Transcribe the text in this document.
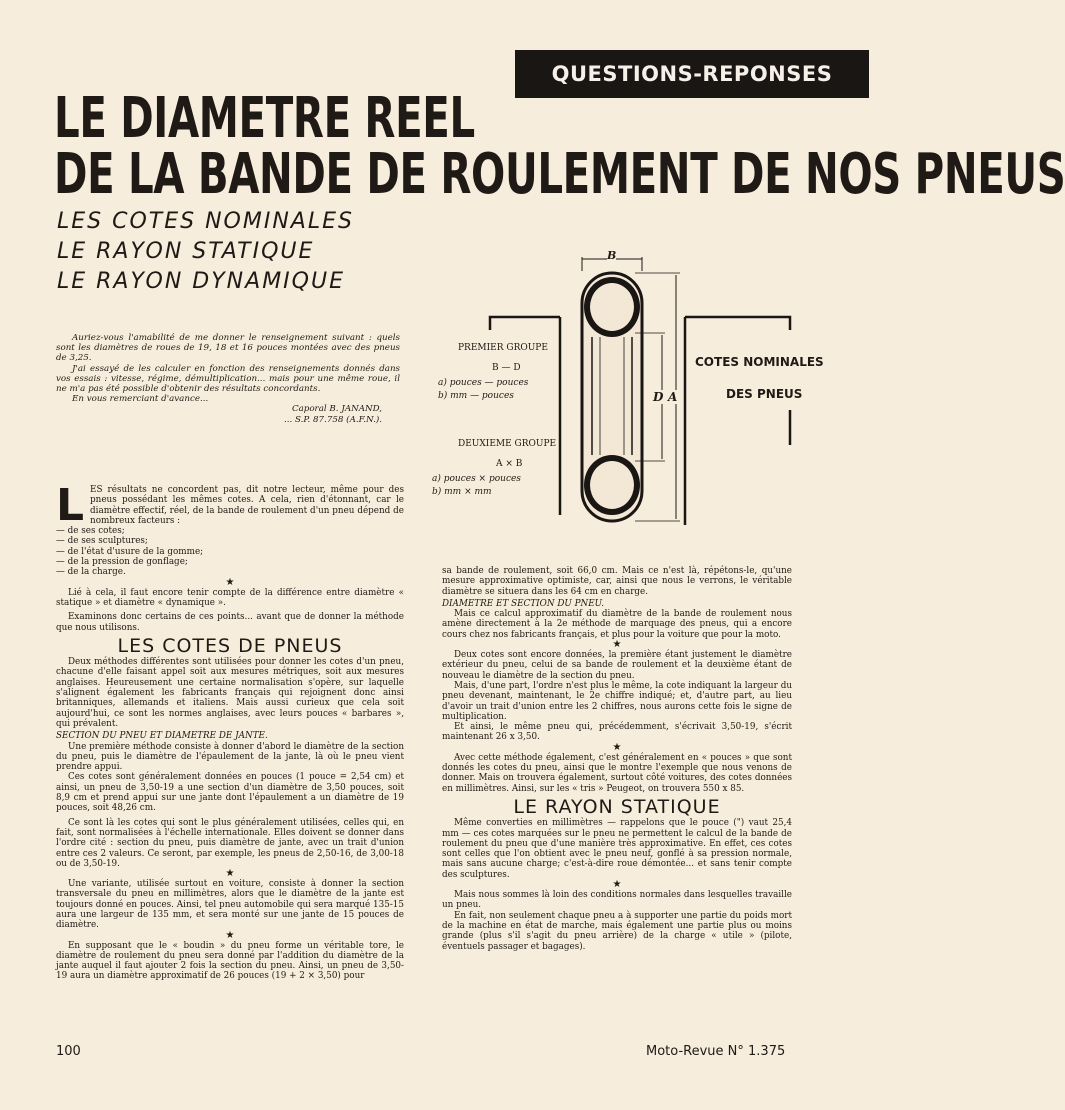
QUESTIONS-REPONSES
LE DIAMETRE REEL
DE LA BANDE DE ROULEMENT DE NOS PNEUS
LES COTES NOMINALES
LE RAYON STATIQUE
LE RAYON DYNAMIQUE

Auriez-vous l'amabilité de me donner le renseignement suivant : quels sont les diamètres de roues de 19, 18 et 16 pouces montées avec des pneus de 3,25.

J'ai essayé de les calculer en fonction des renseignements donnés dans vos essais : vitesse, régime, démultiplication... mais pour une même roue, il ne m'a pas été possible d'obtenir des résultats concordants.

En vous remerciant d'avance...

Caporal B. JANAND,

... S.P. 87.758 (A.F.N.).

B
D A
PREMIER GROUPE
B — D
a) pouces — pouces
b) mm — pouces
DEUXIEME GROUPE
A × B
a) pouces × pouces
b) mm × mm
COTES NOMINALES
DES PNEUS
L ES résultats ne concordent pas, dit notre lecteur, même pour des pneus possédant les mêmes cotes. A cela, rien d'étonnant, car le diamètre effectif, réel, de la bande de roulement d'un pneu dépend de nombreux facteurs :

— de ses cotes;
— de ses sculptures;
— de l'état d'usure de la gomme;
— de la pression de gonflage;
— de la charge.

★

Lié à cela, il faut encore tenir compte de la différence entre diamètre « statique » et diamètre « dynamique ».

Examinons donc certains de ces points... avant que de donner la méthode que nous utilisons.

LES COTES DE PNEUS

Deux méthodes différentes sont utilisées pour donner les cotes d'un pneu, chacune d'elle faisant appel soit aux mesures métriques, soit aux mesures anglaises. Heureusement une certaine normalisation s'opère, sur laquelle s'alignent également les fabricants français qui rejoignent donc ainsi britanniques, allemands et italiens. Mais aussi curieux que cela soit aujourd'hui, ce sont les normes anglaises, avec leurs pouces « barbares », qui prévalent.

SECTION DU PNEU ET DIAMETRE DE JANTE.

Une première méthode consiste à donner d'abord le diamètre de la section du pneu, puis le diamètre de l'épaulement de la jante, là où le pneu vient prendre appui.

Ces cotes sont généralement données en pouces (1 pouce = 2,54 cm) et ainsi, un pneu de 3,50-19 a une section d'un diamètre de 3,50 pouces, soit 8,9 cm et prend appui sur une jante dont l'épaulement a un diamètre de 19 pouces, soit 48,26 cm.

Ce sont là les cotes qui sont le plus généralement utilisées, celles qui, en fait, sont normalisées à l'échelle internationale. Elles doivent se donner dans l'ordre cité : section du pneu, puis diamètre de jante, avec un trait d'union entre ces 2 valeurs. Ce seront, par exemple, les pneus de 2,50-16, de 3,00-18 ou de 3,50-19.

★

Une variante, utilisée surtout en voiture, consiste à donner la section transversale du pneu en millimètres, alors que le diamètre de la jante est toujours donné en pouces. Ainsi, tel pneu automobile qui sera marqué 135-15 aura une largeur de 135 mm, et sera monté sur une jante de 15 pouces de diamètre.

★

En supposant que le « boudin » du pneu forme un véritable tore, le diamètre de roulement du pneu sera donné par l'addition du diamètre de la jante auquel il faut ajouter 2 fois la section du pneu. Ainsi, un pneu de 3,50-19 aura un diamètre approximatif de 26 pouces (19 + 2 × 3,50) pour

sa bande de roulement, soit 66,0 cm. Mais ce n'est là, répétons-le, qu'une mesure approximative optimiste, car, ainsi que nous le verrons, le véritable diamètre se situera dans les 64 cm en charge.

DIAMETRE ET SECTION DU PNEU.

Mais ce calcul approximatif du diamètre de la bande de roulement nous amène directement à la 2e méthode de marquage des pneus, qui a encore cours chez nos fabricants français, et plus pour la voiture que pour la moto.

★

Deux cotes sont encore données, la première étant justement le diamètre extérieur du pneu, celui de sa bande de roulement et la deuxième étant de nouveau le diamètre de la section du pneu.

Mais, d'une part, l'ordre n'est plus le même, la cote indiquant la largeur du pneu devenant, maintenant, le 2e chiffre indiqué; et, d'autre part, au lieu d'avoir un trait d'union entre les 2 chiffres, nous aurons cette fois le signe de multiplication.

Et ainsi, le même pneu qui, précédemment, s'écrivait 3,50-19, s'écrit maintenant 26 x 3,50.

★

Avec cette méthode également, c'est généralement en « pouces » que sont donnés les cotes du pneu, ainsi que le montre l'exemple que nous venons de donner. Mais on trouvera également, surtout côté voitures, des cotes données en millimètres. Ainsi, sur les « tris » Peugeot, on trouvera 550 x 85.

LE RAYON STATIQUE

Même converties en millimètres — rappelons que le pouce (") vaut 25,4 mm — ces cotes marquées sur le pneu ne permettent le calcul de la bande de roulement du pneu que d'une manière très approximative. En effet, ces cotes sont celles que l'on obtient avec le pneu neuf, gonflé à sa pression normale, mais sans aucune charge; c'est-à-dire roue démontée... et sans tenir compte des sculptures.

★

Mais nous sommes là loin des conditions normales dans lesquelles travaille un pneu.

En fait, non seulement chaque pneu a à supporter une partie du poids mort de la machine en état de marche, mais également une partie plus ou moins grande (plus s'il s'agit du pneu arrière) de la charge « utile » (pilote, éventuels passager et bagages).

100	Moto-Revue N° 1.375
